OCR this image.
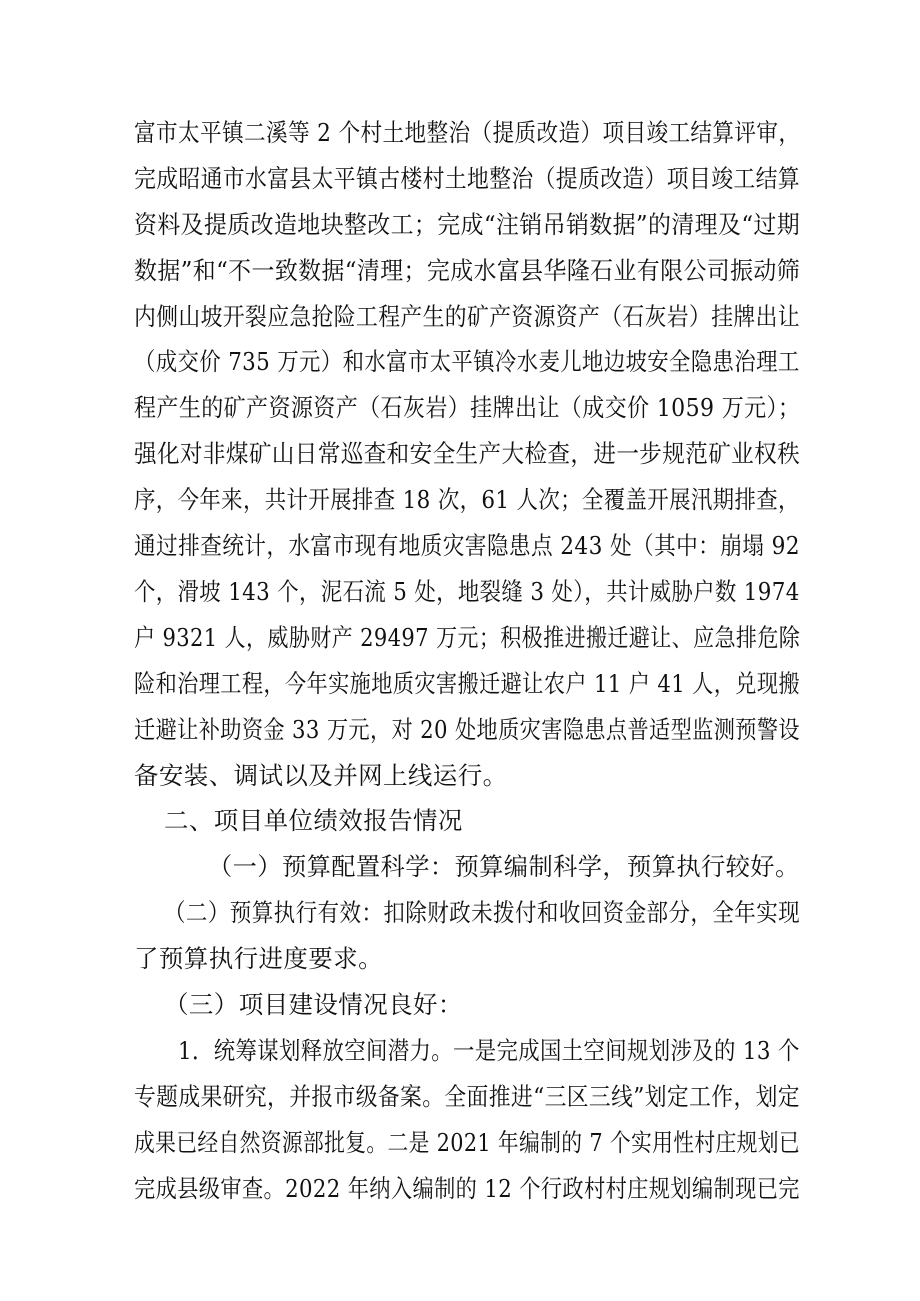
富市太平镇二溪等 2 个村土地整治（提质改造）项目竣工结算评审，

完成昭通市水富县太平镇古楼村土地整治（提质改造）项目竣工结算

资料及提质改造地块整改工；完成“注销吊销数据”的清理及“过期

数据”和“不一致数据“清理；完成水富县华隆石业有限公司振动筛

内侧山坡开裂应急抢险工程产生的矿产资源资产（石灰岩）挂牌出让

（成交价 735 万元）和水富市太平镇冷水麦儿地边坡安全隐患治理工

程产生的矿产资源资产（石灰岩）挂牌出让（成交价 1059 万元）；

强化对非煤矿山日常巡查和安全生产大检查，进一步规范矿业权秩

序，今年来，共计开展排查 18 次，61 人次；全覆盖开展汛期排查，

通过排查统计，水富市现有地质灾害隐患点 243 处（其中：崩塌 92

个，滑坡 143 个，泥石流 5 处，地裂缝 3 处），共计威胁户数 1974

户 9321 人，威胁财产 29497 万元；积极推进搬迁避让、应急排危除

险和治理工程，今年实施地质灾害搬迁避让农户 11 户 41 人，兑现搬

迁避让补助资金 33 万元，对 20 处地质灾害隐患点普适型监测预警设

备安装、调试以及并网上线运行。

二、项目单位绩效报告情况

（一）预算配置科学：预算编制科学，预算执行较好。

（二）预算执行有效：扣除财政未拨付和收回资金部分，全年实现

了预算执行进度要求。

（三）项目建设情况良好：

1．统筹谋划释放空间潜力。一是完成国土空间规划涉及的 13 个

专题成果研究，并报市级备案。全面推进“三区三线”划定工作，划定

成果已经自然资源部批复。二是 2021 年编制的 7 个实用性村庄规划已

完成县级审查。2022 年纳入编制的 12 个行政村村庄规划编制现已完
